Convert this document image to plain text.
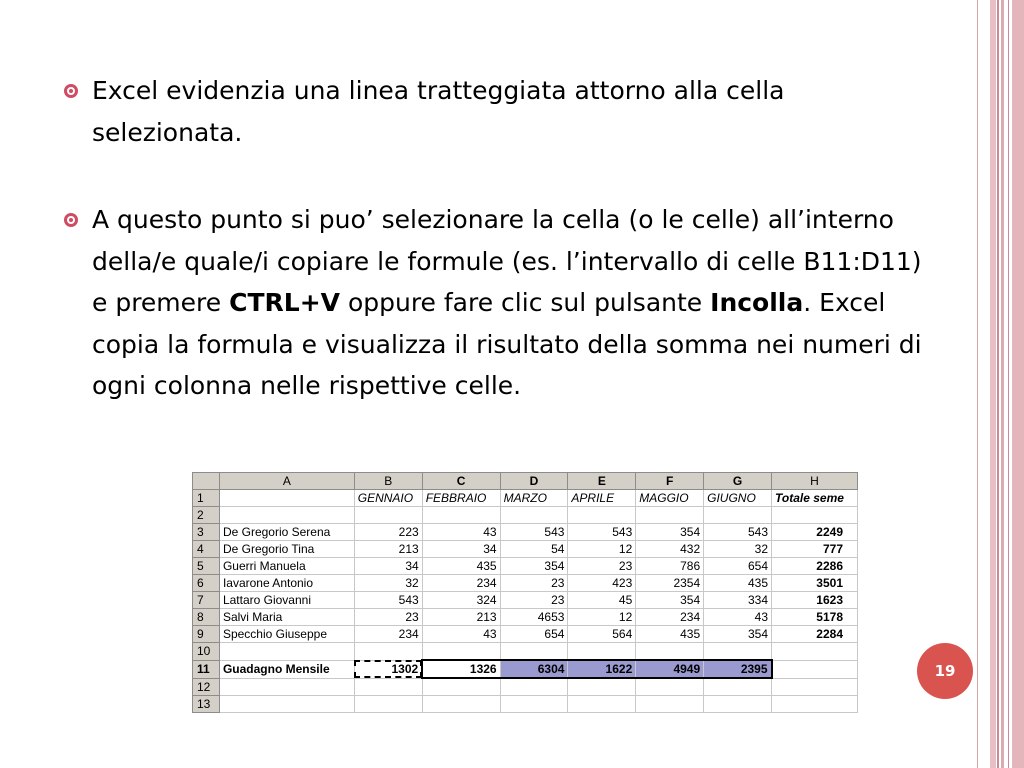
Excel evidenzia una linea tratteggiata attorno alla cella selezionata.
A questo punto si puo’ selezionare la cella (o le celle) all’interno della/e quale/i copiare le formule (es. l’intervallo di celle B11:D11) e premere CTRL+V oppure fare clic sul pulsante Incolla. Excel copia la formula e visualizza il risultato della somma nei numeri di ogni colonna nelle rispettive celle.
	A	B	C	D	E	F	G	H
1		GENNAIO	FEBBRAIO	MARZO	APRILE	MAGGIO	GIUGNO	Totale seme
2								
3	De Gregorio Serena	223	43	543	543	354	543	2249
4	De Gregorio Tina	213	34	54	12	432	32	777
5	Guerri Manuela	34	435	354	23	786	654	2286
6	Iavarone Antonio	32	234	23	423	2354	435	3501
7	Lattaro Giovanni	543	324	23	45	354	334	1623
8	Salvi Maria	23	213	4653	12	234	43	5178
9	Specchio Giuseppe	234	43	654	564	435	354	2284
10								
11	Guadagno Mensile	1302	1326	6304	1622	4949	2395	
12								
13								
19
